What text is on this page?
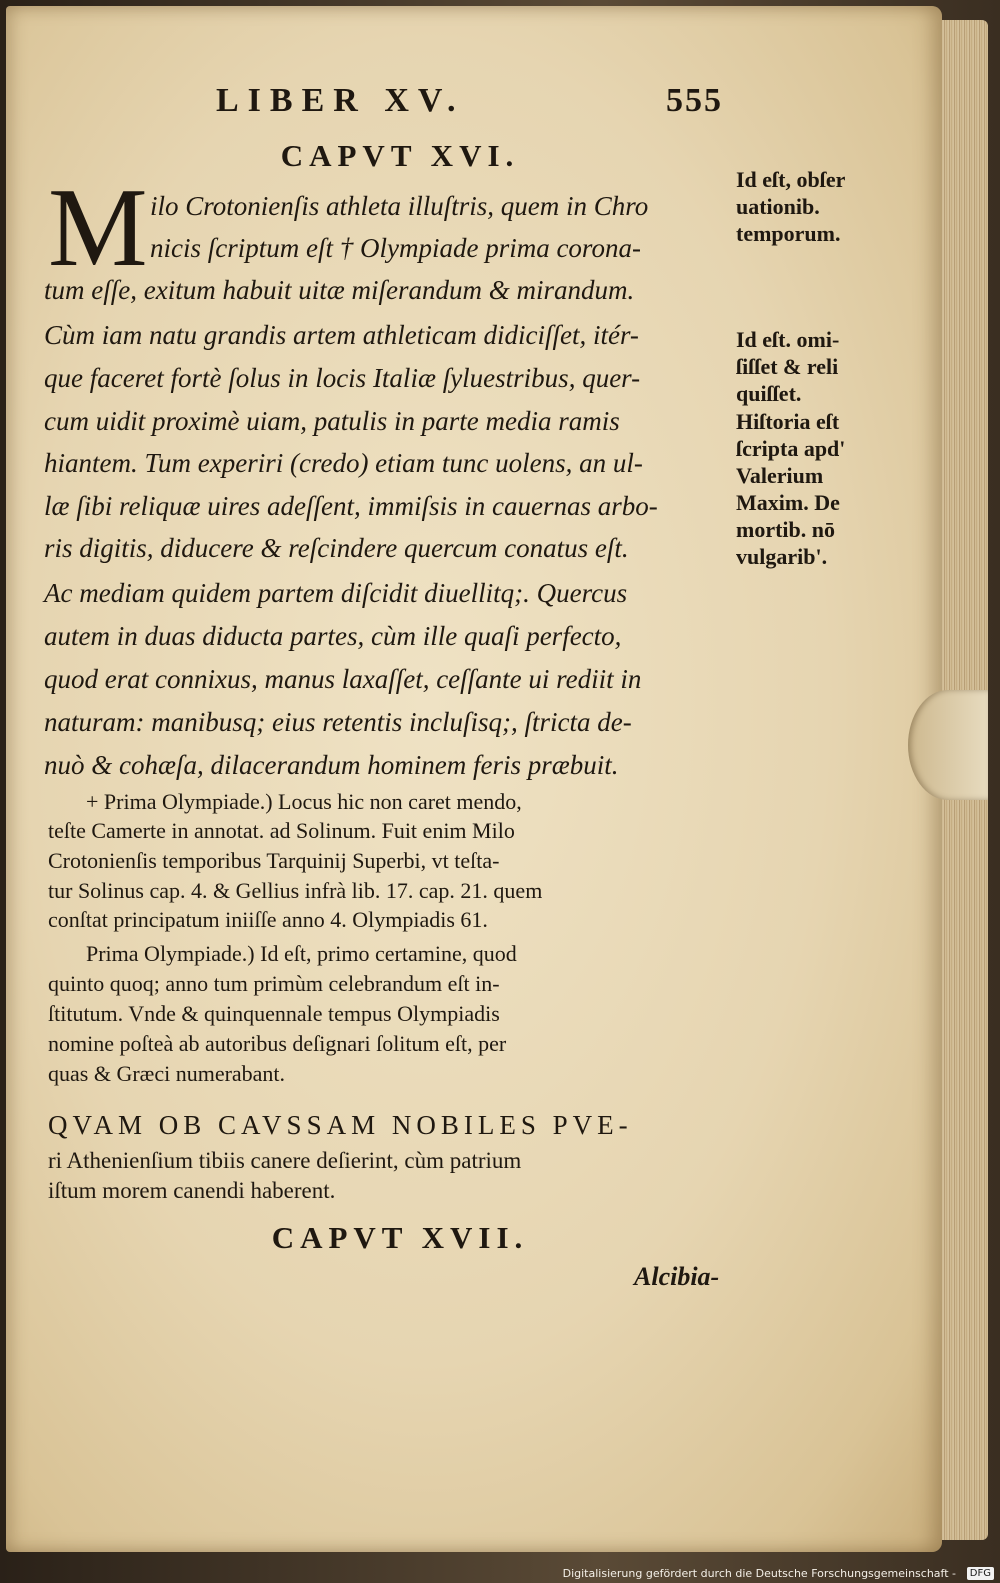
LIBER XV.	555
CAPVT XVI.
M ilo Crotonienſis athleta illuſtris, quem in Chro
nicis ſcriptum eſt † Olympiade prima corona-
tum eſſe, exitum habuit uitæ miſerandum & mirandum.
Cùm iam natu grandis artem athleticam didiciſſet, itér-
que faceret fortè ſolus in locis Italiæ ſyluestribus, quer-
cum uidit proximè uiam, patulis in parte media ramis
hiantem. Tum experiri (credo) etiam tunc uolens, an ul-
læ ſibi reliquæ uires adeſſent, immiſsis in cauernas arbo-
ris digitis, diducere & reſcindere quercum conatus eſt.
Ac mediam quidem partem diſcidit diuellitq;. Quercus
autem in duas diducta partes, cùm ille quaſi perfecto,
quod erat connixus, manus laxaſſet, ceſſante ui rediit in
naturam: manibusq; eius retentis incluſisq;, ſtricta de-
nuò & cohæſa, dilacerandum hominem feris præbuit.
+ Prima Olympiade.) Locus hic non caret mendo,
teſte Camerte in annotat. ad Solinum. Fuit enim Milo
Crotonienſis temporibus Tarquinij Superbi, vt teſta-
tur Solinus cap. 4. & Gellius infrà lib. 17. cap. 21. quem
conſtat principatum iniiſſe anno 4. Olympiadis 61.
Prima Olympiade.) Id eſt, primo certamine, quod
quinto quoq; anno tum primùm celebrandum eſt in-
ſtitutum. Vnde & quinquennale tempus Olympiadis
nomine poſteà ab autoribus deſignari ſolitum eſt, per
quas & Græci numerabant.
Id eſt, obſer
uationib.
temporum.
Id eſt. omi-
ſiſſet & reli
quiſſet.
Hiſtoria eſt
ſcripta apd'
Valerium
Maxim. De
mortib. nō
vulgarib'.
QVAM OB CAVSSAM NOBILES PVE-
ri Athenienſium tibiis canere deſierint, cùm patrium
iſtum morem canendi haberent.
CAPVT XVII.
Alcibia-
Digitalisierung gefördert durch die Deutsche Forschungsgemeinschaft -	DFG
